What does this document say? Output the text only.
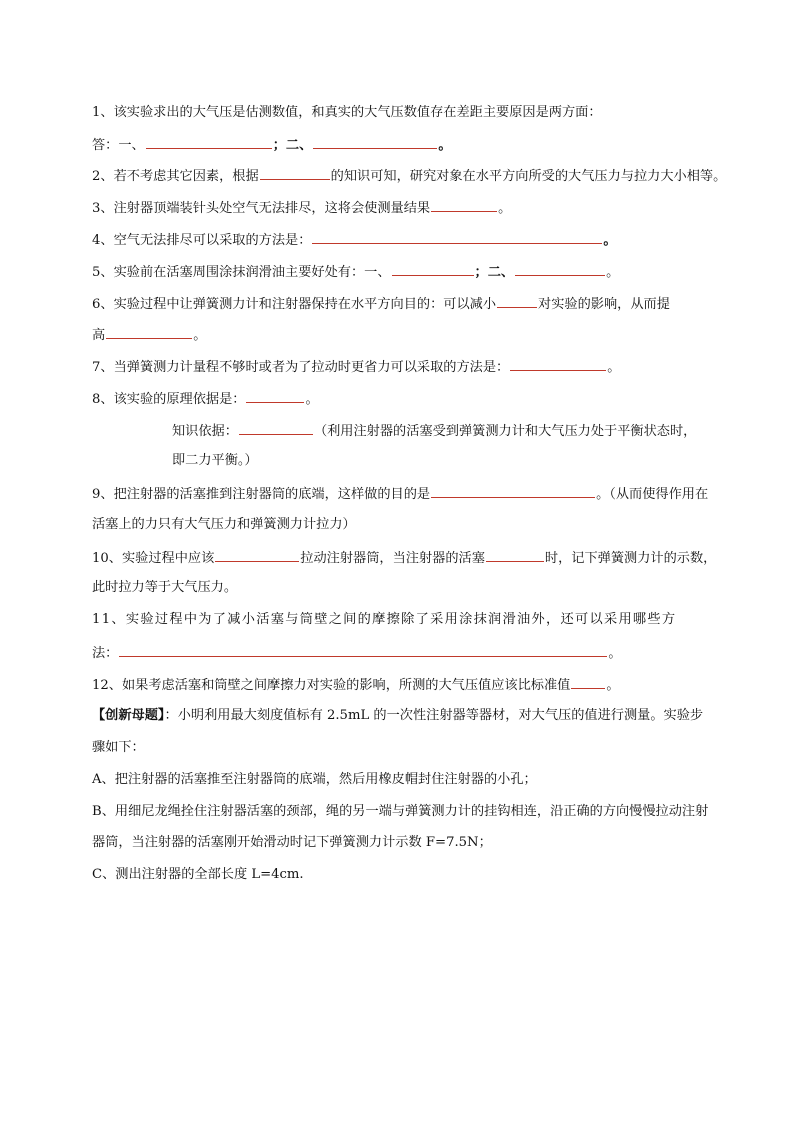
1、该实验求出的大气压是估测数值，和真实的大气压数值存在差距主要原因是两方面：
答：一、	；二、	。
2、若不考虑其它因素，根据	的知识可知，研究对象在水平方向所受的大气压力与拉力大小相等。
3、注射器顶端装针头处空气无法排尽，这将会使测量结果	。
4、空气无法排尽可以采取的方法是：	。
5、实验前在活塞周围涂抹润滑油主要好处有：一、	；二、	。
6、实验过程中让弹簧测力计和注射器保持在水平方向目的：可以减小	对实验的影响，从而提
高	。
7、当弹簧测力计量程不够时或者为了拉动时更省力可以采取的方法是：	。
8、该实验的原理依据是：	。
知识依据：	（利用注射器的活塞受到弹簧测力计和大气压力处于平衡状态时，
即二力平衡。）
9、把注射器的活塞推到注射器筒的底端，这样做的目的是	。（从而使得作用在
活塞上的力只有大气压力和弹簧测力计拉力）
10、实验过程中应该	拉动注射器筒，当注射器的活塞	时，记下弹簧测力计的示数，
此时拉力等于大气压力。
11、实验过程中为了减小活塞与筒壁之间的摩擦除了采用涂抹润滑油外，还可以采用哪些方
法：	。
12、如果考虑活塞和筒壁之间摩擦力对实验的影响，所测的大气压值应该比标准值	。
【创新母题】：小明利用最大刻度值标有 2.5mL 的一次性注射器等器材，对大气压的值进行测量。实验步
骤如下：
A、把注射器的活塞推至注射器筒的底端，然后用橡皮帽封住注射器的小孔；
B、用细尼龙绳拴住注射器活塞的颈部，绳的另一端与弹簧测力计的挂钩相连，沿正确的方向慢慢拉动注射
器筒，当注射器的活塞刚开始滑动时记下弹簧测力计示数 F=7.5N；
C、测出注射器的全部长度 L=4cm.
